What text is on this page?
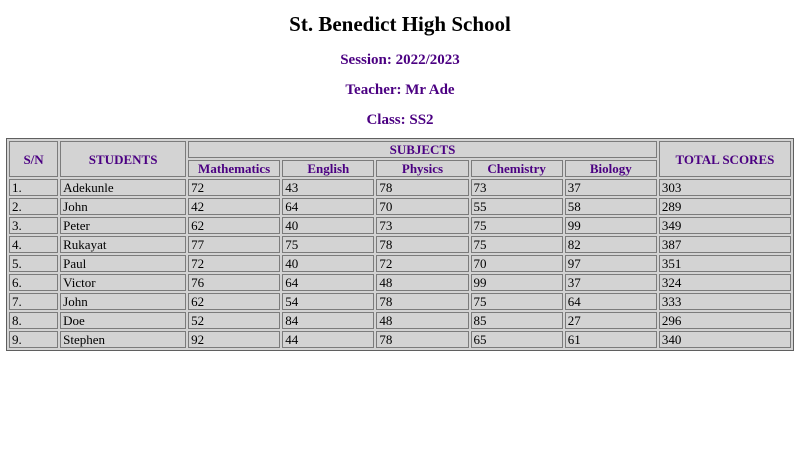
St. Benedict High School
Session: 2022/2023
Teacher: Mr Ade
Class: SS2
S/N	STUDENTS	SUBJECTS					TOTAL SCORES
		Mathematics	English	Physics	Chemistry	Biology	
1.	Adekunle	72	43	78	73	37	303
2.	John	42	64	70	55	58	289
3.	Peter	62	40	73	75	99	349
4.	Rukayat	77	75	78	75	82	387
5.	Paul	72	40	72	70	97	351
6.	Victor	76	64	48	99	37	324
7.	John	62	54	78	75	64	333
8.	Doe	52	84	48	85	27	296
9.	Stephen	92	44	78	65	61	340
